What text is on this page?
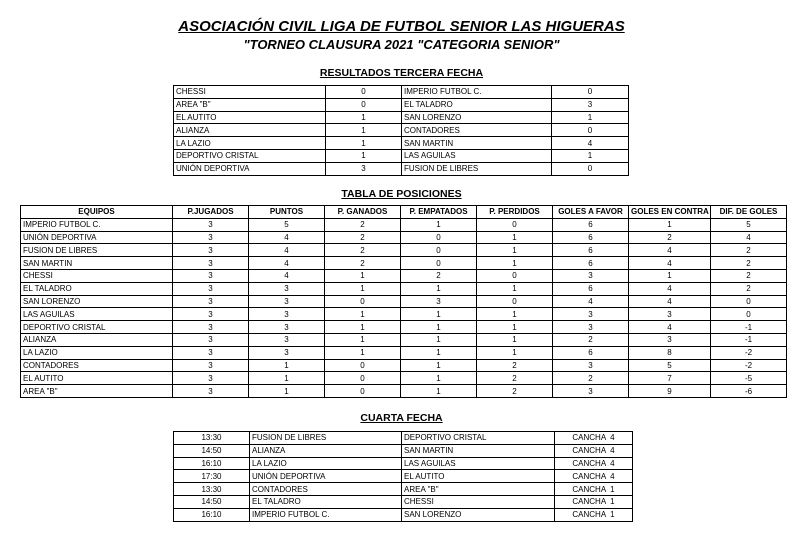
ASOCIACIÓN CIVIL LIGA DE FUTBOL SENIOR LAS HIGUERAS
"TORNEO CLAUSURA 2021 "CATEGORIA SENIOR"
RESULTADOS TERCERA FECHA
CHESSI	0	IMPERIO FUTBOL C.	0
AREA "B"	0	EL TALADRO	3
EL AUTITO	1	SAN LORENZO	1
ALIANZA	1	CONTADORES	0
LA LAZIO	1	SAN MARTIN	4
DEPORTIVO CRISTAL	1	LAS AGUILAS	1
UNIÓN DEPORTIVA	3	FUSION DE LIBRES	0
TABLA DE POSICIONES
EQUIPOS	P.JUGADOS	PUNTOS	P. GANADOS	P. EMPATADOS	P. PERDIDOS	GOLES A FAVOR	GOLES EN CONTRA	DIF. DE GOLES
IMPERIO FUTBOL C.	3	5	2	1	0	6	1	5
UNIÓN DEPORTIVA	3	4	2	0	1	6	2	4
FUSION DE LIBRES	3	4	2	0	1	6	4	2
SAN MARTIN	3	4	2	0	1	6	4	2
CHESSI	3	4	1	2	0	3	1	2
EL TALADRO	3	3	1	1	1	6	4	2
SAN LORENZO	3	3	0	3	0	4	4	0
LAS AGUILAS	3	3	1	1	1	3	3	0
DEPORTIVO CRISTAL	3	3	1	1	1	3	4	-1
ALIANZA	3	3	1	1	1	2	3	-1
LA LAZIO	3	3	1	1	1	6	8	-2
CONTADORES	3	1	0	1	2	3	5	-2
EL AUTITO	3	1	0	1	2	2	7	-5
AREA "B"	3	1	0	1	2	3	9	-6
CUARTA FECHA
13:30	FUSION DE LIBRES	DEPORTIVO CRISTAL	CANCHA  4
14:50	ALIANZA	SAN MARTIN	CANCHA  4
16:10	LA LAZIO	LAS AGUILAS	CANCHA  4
17:30	UNIÓN DEPORTIVA	EL AUTITO	CANCHA  4
13:30	CONTADORES	AREA "B"	CANCHA  1
14:50	EL TALADRO	CHESSI	CANCHA  1
16:10	IMPERIO FUTBOL C.	SAN LORENZO	CANCHA  1
